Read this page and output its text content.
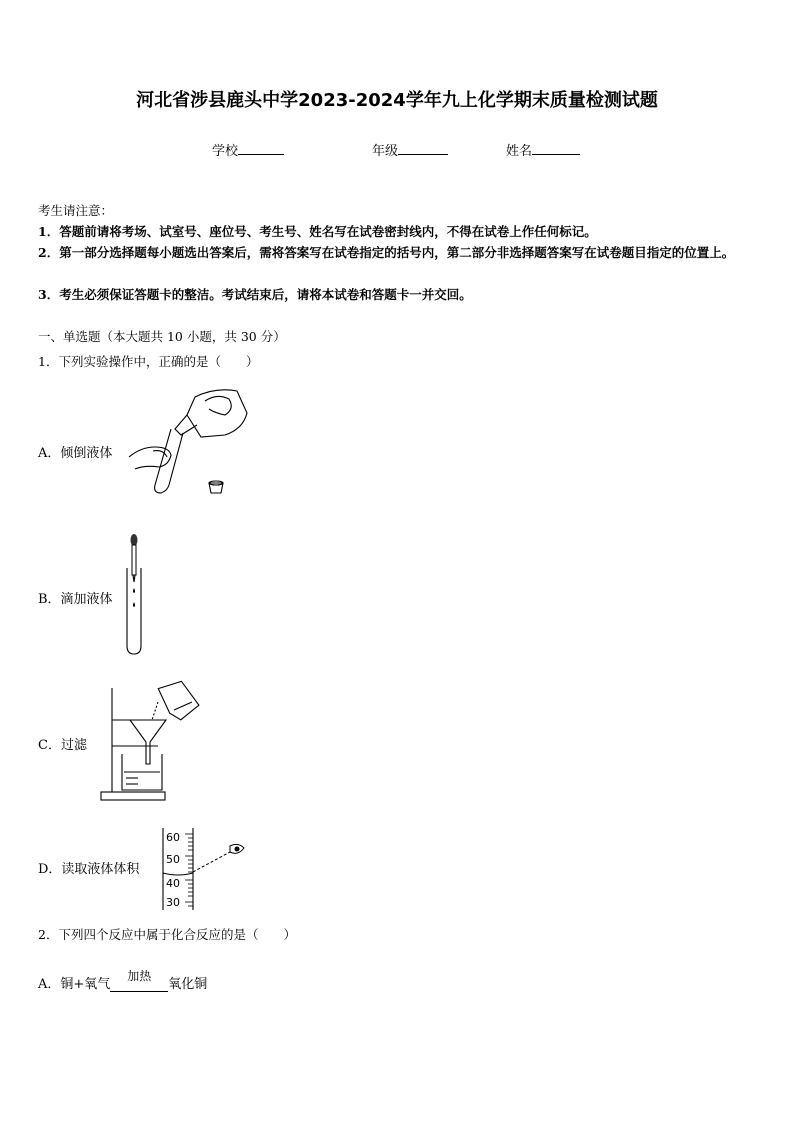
河北省涉县鹿头中学2023-2024学年九上化学期末质量检测试题
学校	年级	姓名
考生请注意：
1．答题前请将考场、试室号、座位号、考生号、姓名写在试卷密封线内，不得在试卷上作任何标记。
2．第一部分选择题每小题选出答案后，需将答案写在试卷指定的括号内，第二部分非选择题答案写在试卷题目指定的位置上。
3．考生必须保证答题卡的整洁。考试结束后，请将本试卷和答题卡一并交回。
一、单选题（本大题共 10 小题，共 30 分）
1．下列实验操作中，正确的是（　　）
A．倾倒液体
B．滴加液体
C．过滤
D．读取液体体积
60
50
40
30
2．下列四个反应中属于化合反应的是（　　）
A．铜+氧气
加热
氧化铜
